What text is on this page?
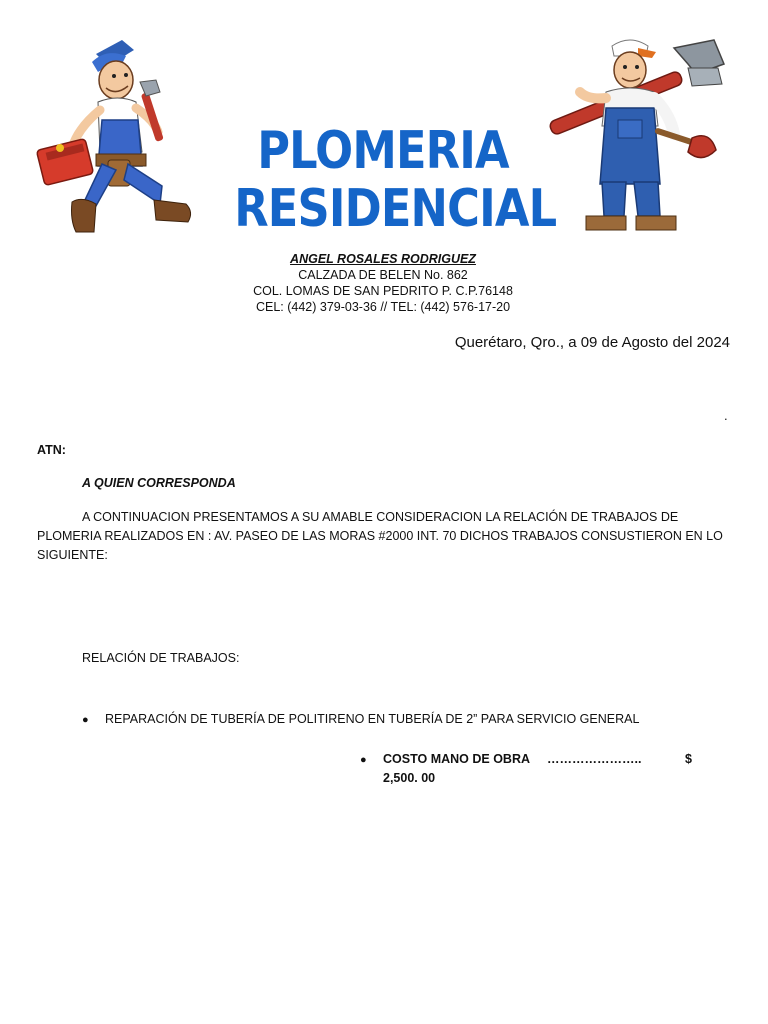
PLOMERIA
RESIDENCIAL
ANGEL ROSALES RODRIGUEZ
CALZADA DE BELEN No. 862
COL. LOMAS DE SAN PEDRITO P. C.P.76148
CEL: (442) 379-03-36 // TEL: (442) 576-17-20
Querétaro, Qro., a 09 de Agosto del 2024
.
ATN:
A QUIEN CORRESPONDA
A CONTINUACION PRESENTAMOS A SU AMABLE CONSIDERACION LA RELACIÓN DE TRABAJOS DE PLOMERIA REALIZADOS EN : AV. PASEO DE LAS MORAS #2000 INT. 70 DICHOS TRABAJOS CONSUSTIERON EN LO SIGUIENTE:
RELACIÓN DE TRABAJOS:
● REPARACIÓN DE TUBERÍA DE POLITIRENO EN TUBERÍA DE 2” PARA SERVICIO GENERAL
● COSTO MANO DE OBRA …………………..	$
2,500. 00
